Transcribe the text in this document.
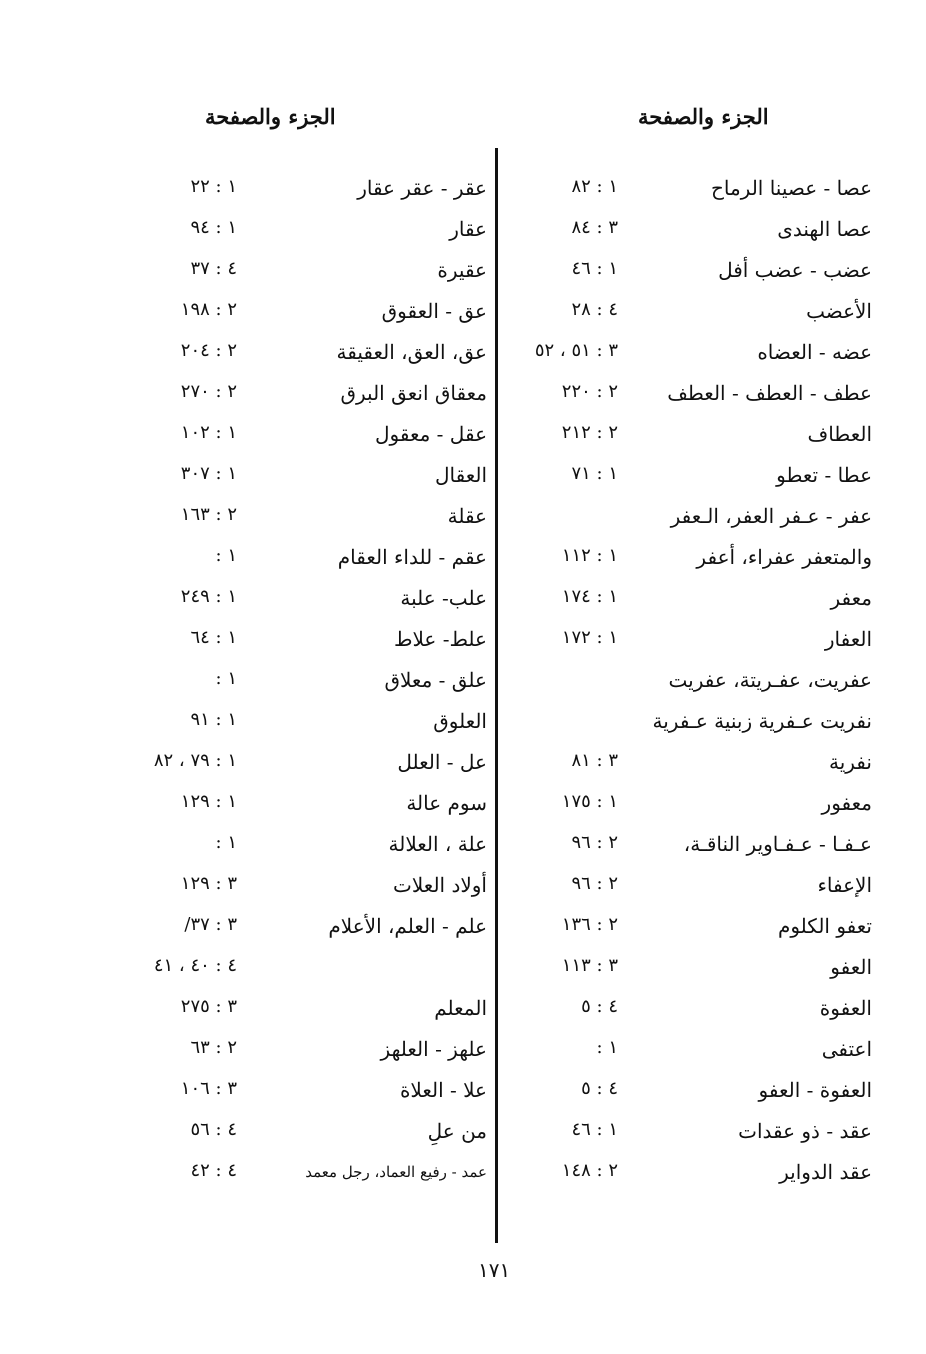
الجزء والصفحة
الجزء والصفحة
عصا - عصينا الرماح
١ : ٨٢
عصا الهندى
٣ : ٨٤
عضب - عضب أفل
١ : ٤٦
الأعضب
٤ : ٢٨
عضه - العضاه
٣ : ٥١ ، ٥٢
عطف - العطف - العطف
٢ : ٢٢٠
العطاف
٢ : ٢١٢
عطا - تعطو
١ : ٧١
عفر - عـفر العفر، الـعفر
والمتعفر عفراء، أعفر
١ : ١١٢
معفر
١ : ١٧٤
العفار
١ : ١٧٢
عفريت، عفـريتة، عفريت
نفريت عـفرية زبنية عـفرية
نفرية
٣ : ٨١
معفور
١ : ١٧٥
عـفـا - عـفـاوير الناقـة،
٢ : ٩٦
الإعفاء
٢ : ٩٦
تعفو الكلوم
٢ : ١٣٦
العفو
٣ : ١١٣
العفوة
٤ : ٥
اعتفى
١ :
العفوة - العفو
٤ : ٥
عقد - ذو عقدات
١ : ٤٦
عقد الدواير
٢ : ١٤٨
عقر - عقر عقار
١ : ٢٢
عقار
١ : ٩٤
عقيرة
٤ : ٣٧
عق - العقوق
٢ : ١٩٨
عق، العق، العقيقة
٢ : ٢٠٤
معقاق انعق البرق
٢ : ٢٧٠
عقل - معقول
١ : ١٠٢
العقال
١ : ٣٠٧
عقلة
٢ : ١٦٣
عقم - للداء العقام
١ :
علب- علبة
١ : ٢٤٩
علط- علاط
١ : ٦٤
علق - معلاق
١ :
العلوق
١ : ٩١
عل - العلل
١ : ٧٩ ، ٨٢
سوم عالة
١ : ١٢٩
علة ، العلالة
١ :
أولاد العلات
٣ : ١٢٩
علم - العلم، الأعلام
٣ : ٣٧/
٤ : ٤٠ ، ٤١
المعلم
٣ : ٢٧٥
علهز - العلهز
٢ : ٦٣
علا - العلاة
٣ : ١٠٦
من علِ
٤ : ٥٦
عمد - رفيع العماد، رجل معمد
٤ : ٤٢
١٧١
